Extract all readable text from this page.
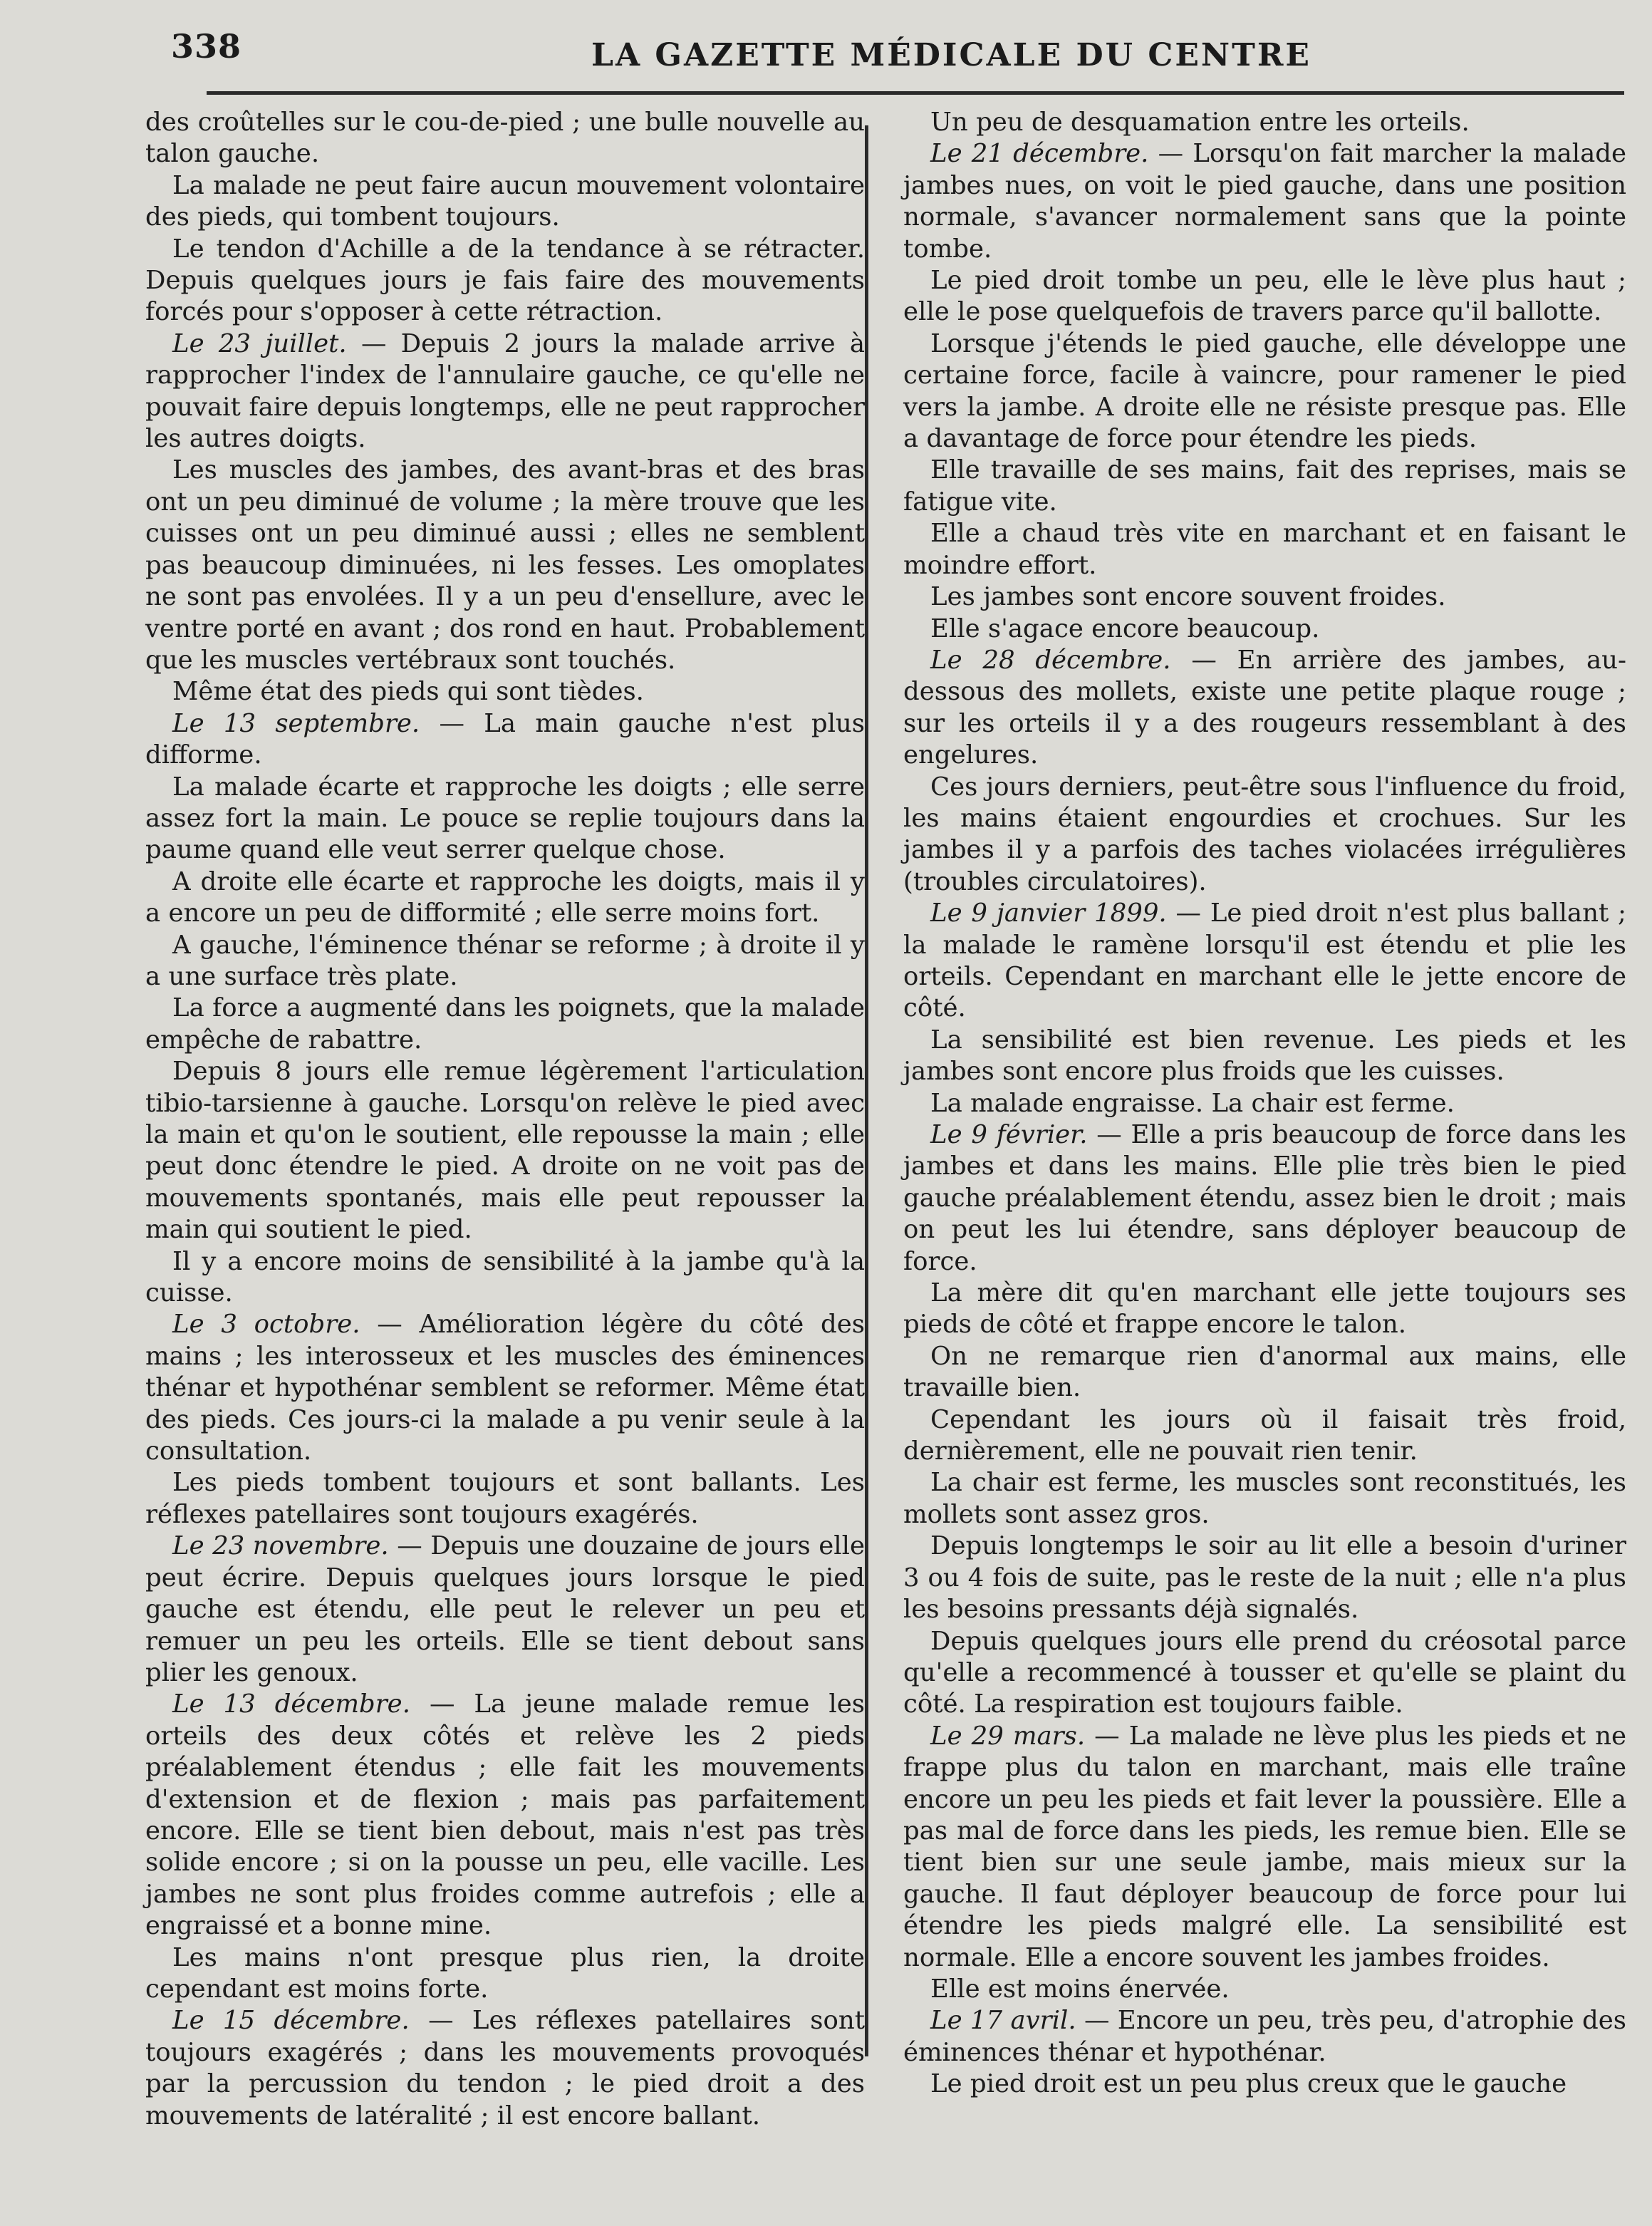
338	LA GAZETTE MÉDICALE DU CENTRE

des croûtelles sur le cou-de-pied ; une bulle nouvelle au talon gauche.

La malade ne peut faire aucun mouvement volontaire des pieds, qui tombent toujours.

Le tendon d'Achille a de la tendance à se rétracter. Depuis quelques jours je fais faire des mouvements forcés pour s'opposer à cette rétraction.

Le 23 juillet. — Depuis 2 jours la malade arrive à rapprocher l'index de l'annulaire gauche, ce qu'elle ne pouvait faire depuis longtemps, elle ne peut rapprocher les autres doigts.

Les muscles des jambes, des avant-bras et des bras ont un peu diminué de volume ; la mère trouve que les cuisses ont un peu diminué aussi ; elles ne semblent pas beaucoup diminuées, ni les fesses. Les omoplates ne sont pas envolées. Il y a un peu d'ensellure, avec le ventre porté en avant ; dos rond en haut. Probablement que les muscles vertébraux sont touchés.

Même état des pieds qui sont tièdes.

Le 13 septembre. — La main gauche n'est plus difforme.

La malade écarte et rapproche les doigts ; elle serre assez fort la main. Le pouce se replie toujours dans la paume quand elle veut serrer quelque chose.

A droite elle écarte et rapproche les doigts, mais il y a encore un peu de difformité ; elle serre moins fort.

A gauche, l'éminence thénar se reforme ; à droite il y a une surface très plate.

La force a augmenté dans les poignets, que la malade empêche de rabattre.

Depuis 8 jours elle remue légèrement l'articulation tibio-tarsienne à gauche. Lorsqu'on relève le pied avec la main et qu'on le soutient, elle repousse la main ; elle peut donc étendre le pied. A droite on ne voit pas de mouvements spontanés, mais elle peut repousser la main qui soutient le pied.

Il y a encore moins de sensibilité à la jambe qu'à la cuisse.

Le 3 octobre. — Amélioration légère du côté des mains ; les interosseux et les muscles des éminences thénar et hypothénar semblent se reformer. Même état des pieds. Ces jours-ci la malade a pu venir seule à la consultation.

Les pieds tombent toujours et sont ballants. Les réflexes patellaires sont toujours exagérés.

Le 23 novembre. — Depuis une douzaine de jours elle peut écrire. Depuis quelques jours lorsque le pied gauche est étendu, elle peut le relever un peu et remuer un peu les orteils. Elle se tient debout sans plier les genoux.

Le 13 décembre. — La jeune malade remue les orteils des deux côtés et relève les 2 pieds préalablement étendus ; elle fait les mouvements d'extension et de flexion ; mais pas parfaitement encore. Elle se tient bien debout, mais n'est pas très solide encore ; si on la pousse un peu, elle vacille. Les jambes ne sont plus froides comme autrefois ; elle a engraissé et a bonne mine.

Les mains n'ont presque plus rien, la droite cependant est moins forte.

Le 15 décembre. — Les réflexes patellaires sont toujours exagérés ; dans les mouvements provoqués par la percussion du tendon ; le pied droit a des mouvements de latéralité ; il est encore ballant.

Un peu de desquamation entre les orteils.

Le 21 décembre. — Lorsqu'on fait marcher la malade jambes nues, on voit le pied gauche, dans une position normale, s'avancer normalement sans que la pointe tombe.

Le pied droit tombe un peu, elle le lève plus haut ; elle le pose quelquefois de travers parce qu'il ballotte.

Lorsque j'étends le pied gauche, elle développe une certaine force, facile à vaincre, pour ramener le pied vers la jambe. A droite elle ne résiste presque pas. Elle a davantage de force pour étendre les pieds.

Elle travaille de ses mains, fait des reprises, mais se fatigue vite.

Elle a chaud très vite en marchant et en faisant le moindre effort.

Les jambes sont encore souvent froides.

Elle s'agace encore beaucoup.

Le 28 décembre. — En arrière des jambes, au-dessous des mollets, existe une petite plaque rouge ; sur les orteils il y a des rougeurs ressemblant à des engelures.

Ces jours derniers, peut-être sous l'influence du froid, les mains étaient engourdies et crochues. Sur les jambes il y a parfois des taches violacées irrégulières (troubles circulatoires).

Le 9 janvier 1899. — Le pied droit n'est plus ballant ; la malade le ramène lorsqu'il est étendu et plie les orteils. Cependant en marchant elle le jette encore de côté.

La sensibilité est bien revenue. Les pieds et les jambes sont encore plus froids que les cuisses.

La malade engraisse. La chair est ferme.

Le 9 février. — Elle a pris beaucoup de force dans les jambes et dans les mains. Elle plie très bien le pied gauche préalablement étendu, assez bien le droit ; mais on peut les lui étendre, sans déployer beaucoup de force.

La mère dit qu'en marchant elle jette toujours ses pieds de côté et frappe encore le talon.

On ne remarque rien d'anormal aux mains, elle travaille bien.

Cependant les jours où il faisait très froid, dernièrement, elle ne pouvait rien tenir.

La chair est ferme, les muscles sont reconstitués, les mollets sont assez gros.

Depuis longtemps le soir au lit elle a besoin d'uriner 3 ou 4 fois de suite, pas le reste de la nuit ; elle n'a plus les besoins pressants déjà signalés.

Depuis quelques jours elle prend du créosotal parce qu'elle a recommencé à tousser et qu'elle se plaint du côté. La respiration est toujours faible.

Le 29 mars. — La malade ne lève plus les pieds et ne frappe plus du talon en marchant, mais elle traîne encore un peu les pieds et fait lever la poussière. Elle a pas mal de force dans les pieds, les remue bien. Elle se tient bien sur une seule jambe, mais mieux sur la gauche. Il faut déployer beaucoup de force pour lui étendre les pieds malgré elle. La sensibilité est normale. Elle a encore souvent les jambes froides.

Elle est moins énervée.

Le 17 avril. — Encore un peu, très peu, d'atrophie des éminences thénar et hypothénar.

Le pied droit est un peu plus creux que le gauche
